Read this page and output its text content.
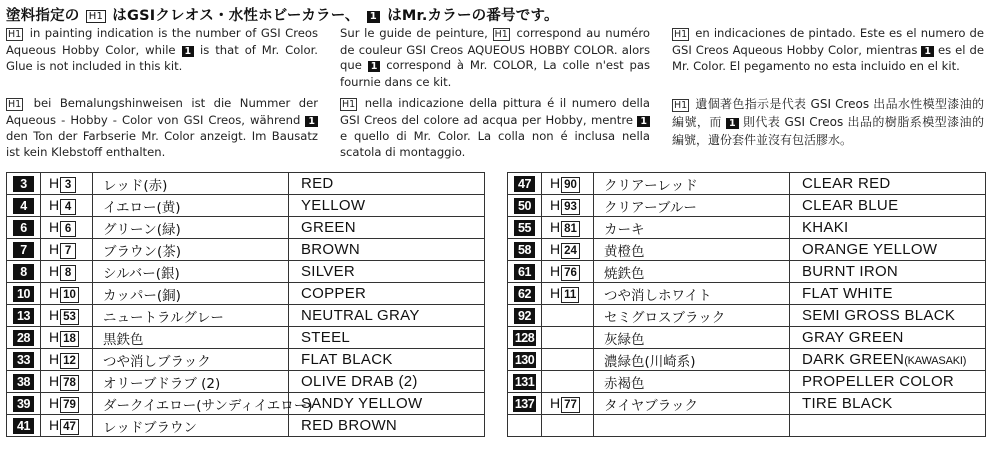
塗料指定の H1 はGSIクレオス・水性ホビーカラー、 1 はMr.カラーの番号です。
H1 in painting indication is the number of GSI Creos Aqueous Hobby Color, while 1 is that of Mr. Color. Glue is not included in this kit.
Sur le guide de peinture, H1 correspond au numéro de couleur GSI Creos AQUEOUS HOBBY COLOR. alors que 1 correspond à Mr. COLOR, La colle n'est pas fournie dans ce kit.
H1 en indicaciones de pintado. Este es el numero de GSI Creos Aqueous Hobby Color, mientras 1 es el de Mr. Color. El pegamento no esta incluido en el kit.
H1 bei Bemalungshinweisen ist die Nummer der Aqueous - Hobby - Color von GSI Creos, während 1 den Ton der Farbserie Mr. Color anzeigt. Im Bausatz ist kein Klebstoff enthalten.
H1 nella indicazione della pittura é il numero della GSI Creos del colore ad acqua per Hobby, mentre 1 e quello di Mr. Color. La colla non é inclusa nella scatola di montaggio.
H1 遺個著色指示是代表 GSI Creos 出品水性模型漆油的編號，而 1 則代表 GSI Creos 出品的樹脂系模型漆油的編號，遺份套件並沒有包活膠水。
3	H 3	レッド(赤)	RED
4	H 4	イエロー(黄)	YELLOW
6	H 6	グリーン(緑)	GREEN
7	H 7	ブラウン(茶)	BROWN
8	H 8	シルバー(銀)	SILVER
10	H 10	カッパー(銅)	COPPER
13	H 53	ニュートラルグレー	NEUTRAL GRAY
28	H 18	黒鉄色	STEEL
33	H 12	つや消しブラック	FLAT BLACK
38	H 78	オリーブドラブ (2)	OLIVE DRAB (2)
39	H 79	ダークイエロー(サンディイエロー)	SANDY YELLOW
41	H 47	レッドブラウン	RED BROWN
47	H 90	クリアーレッド	CLEAR RED
50	H 93	クリアーブルー	CLEAR BLUE
55	H 81	カーキ	KHAKI
58	H 24	黄橙色	ORANGE YELLOW
61	H 76	焼鉄色	BURNT IRON
62	H 11	つや消しホワイト	FLAT WHITE
92		セミグロスブラック	SEMI GROSS BLACK
128		灰緑色	GRAY GREEN
130		濃緑色(川崎系)	DARK GREEN(KAWASAKI)
131		赤褐色	PROPELLER COLOR
137	H 77	タイヤブラック	TIRE BLACK
